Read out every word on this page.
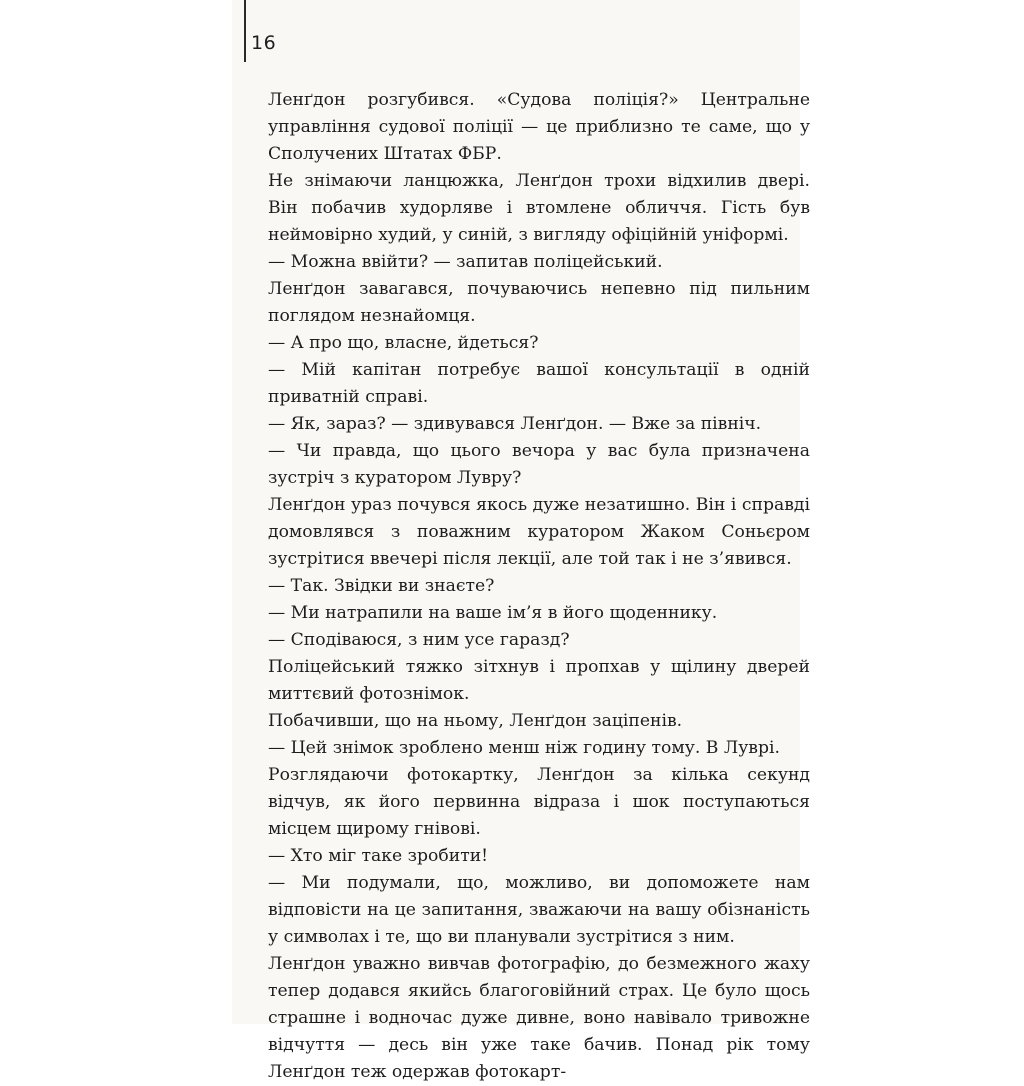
16

Ленґдон розгубився. «Судова поліція?» Центральне управління судової поліції — це приблизно те саме, що у Сполучених Штатах ФБР.

Не знімаючи ланцюжка, Ленґдон трохи відхилив двері. Він побачив худорляве і втомлене обличчя. Гість був неймовірно худий, у синій, з вигляду офіційній уніформі.

— Можна ввійти? — запитав поліцейський.

Ленґдон завагався, почуваючись непевно під пильним поглядом незнайомця.

— А про що, власне, йдеться?

— Мій капітан потребує вашої консультації в одній приватній справі.

— Як, зараз? — здивувався Ленґдон. — Вже за північ.

— Чи правда, що цього вечора у вас була призначена зустріч з куратором Лувру?

Ленґдон ураз почувся якось дуже незатишно. Він і справді домовлявся з поважним куратором Жаком Соньєром зустрітися ввечері після лекції, але той так і не з’явився.

— Так. Звідки ви знаєте?

— Ми натрапили на ваше ім’я в його щоденнику.

— Сподіваюся, з ним усе гаразд?

Поліцейський тяжко зітхнув і пропхав у щілину дверей миттєвий фотознімок.

Побачивши, що на ньому, Ленґдон заціпенів.

— Цей знімок зроблено менш ніж годину тому. В Луврі.

Розглядаючи фотокартку, Ленґдон за кілька секунд відчув, як його первинна відраза і шок поступаються місцем щирому гнівові.

— Хто міг таке зробити!

— Ми подумали, що, можливо, ви допоможете нам відповісти на це запитання, зважаючи на вашу обізнаність у символах і те, що ви планували зустрітися з ним.

Ленґдон уважно вивчав фотографію, до безмежного жаху тепер додався якийсь благоговійний страх. Це було щось страшне і водночас дуже дивне, воно навівало тривожне відчуття — десь він уже таке бачив. Понад рік тому Ленґдон теж одержав фотокарт-
